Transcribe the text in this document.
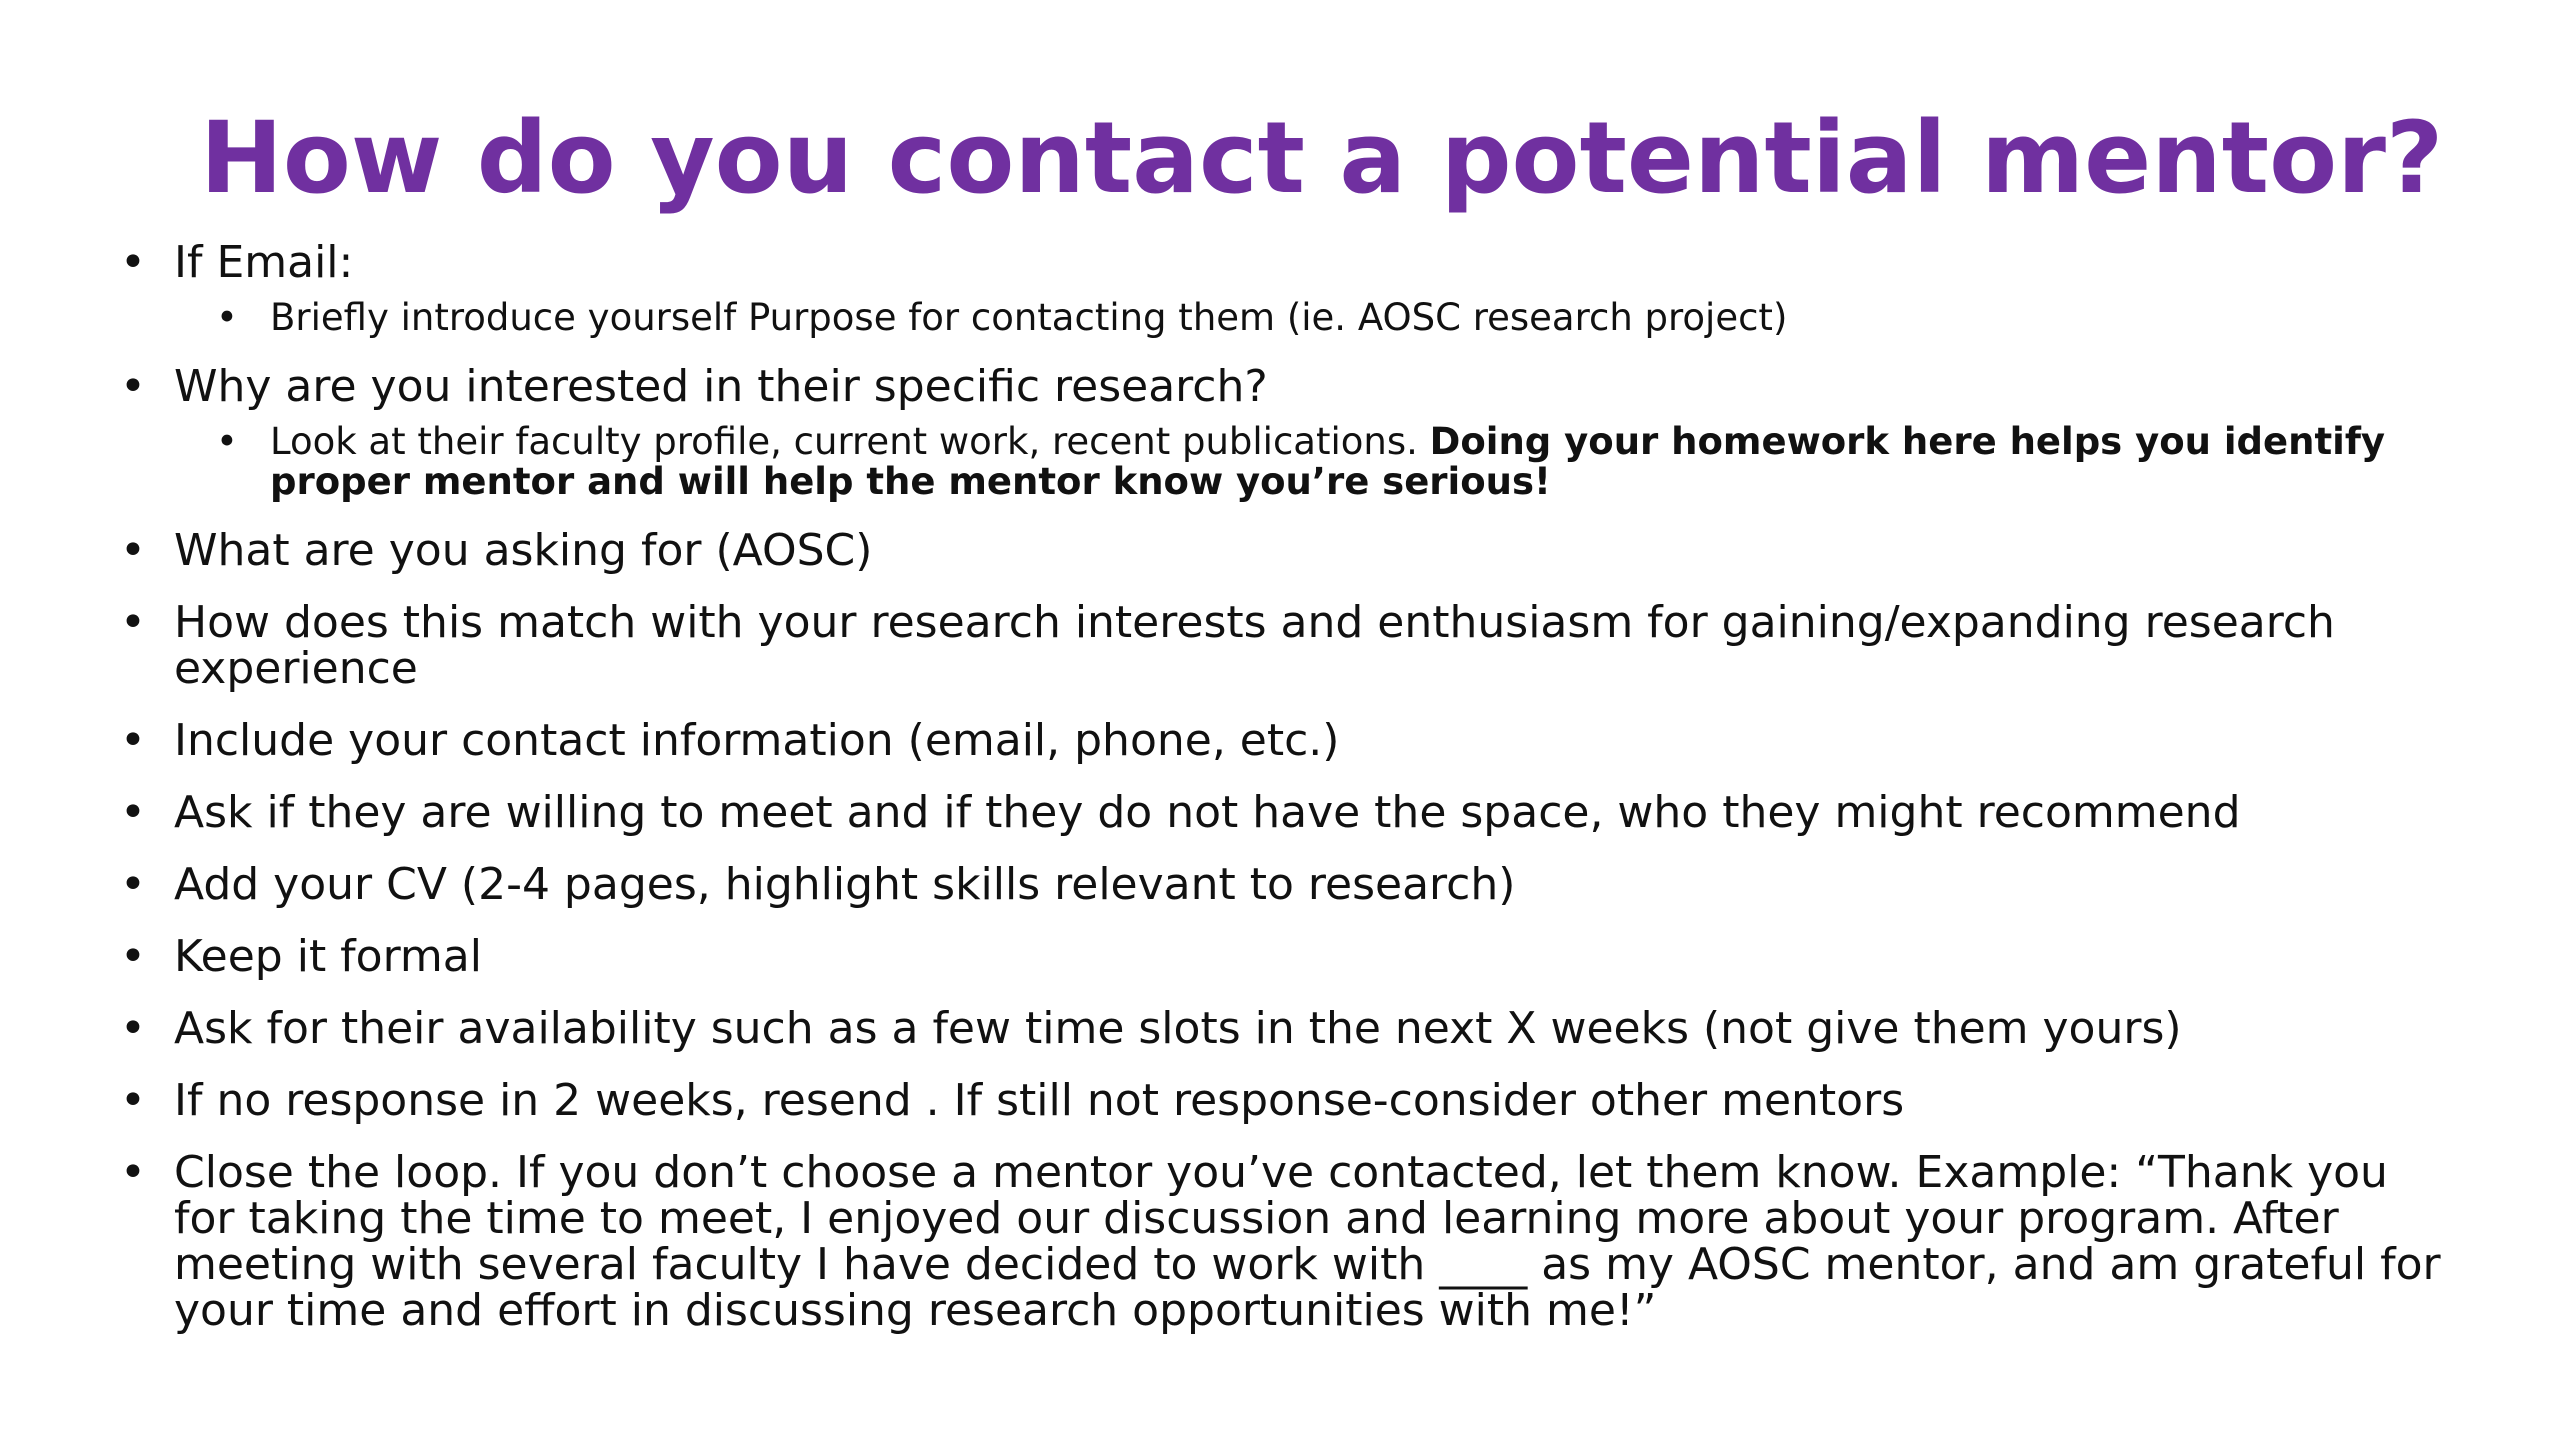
How do you contact a potential mentor?
• If Email:
• Briefly introduce yourself Purpose for contacting them (ie. AOSC research project)
• Why are you interested in their specific research?
• Look at their faculty profile, current work, recent publications. Doing your homework here helps you identify proper mentor and will help the mentor know you’re serious!
• What are you asking for (AOSC)
• How does this match with your research interests and enthusiasm for gaining/expanding research experience
• Include your contact information (email, phone, etc.)
• Ask if they are willing to meet and if they do not have the space, who they might recommend
• Add your CV (2-4 pages, highlight skills relevant to research)
• Keep it formal
• Ask for their availability such as a few time slots in the next X weeks (not give them yours)
• If no response in 2 weeks, resend . If still not response-consider other mentors
• Close the loop. If you don’t choose a mentor you’ve contacted, let them know. Example: “Thank you for taking the time to meet, I enjoyed our discussion and learning more about your program. After meeting with several faculty I have decided to work with ____ as my AOSC mentor, and am grateful for your time and effort in discussing research opportunities with me!”
